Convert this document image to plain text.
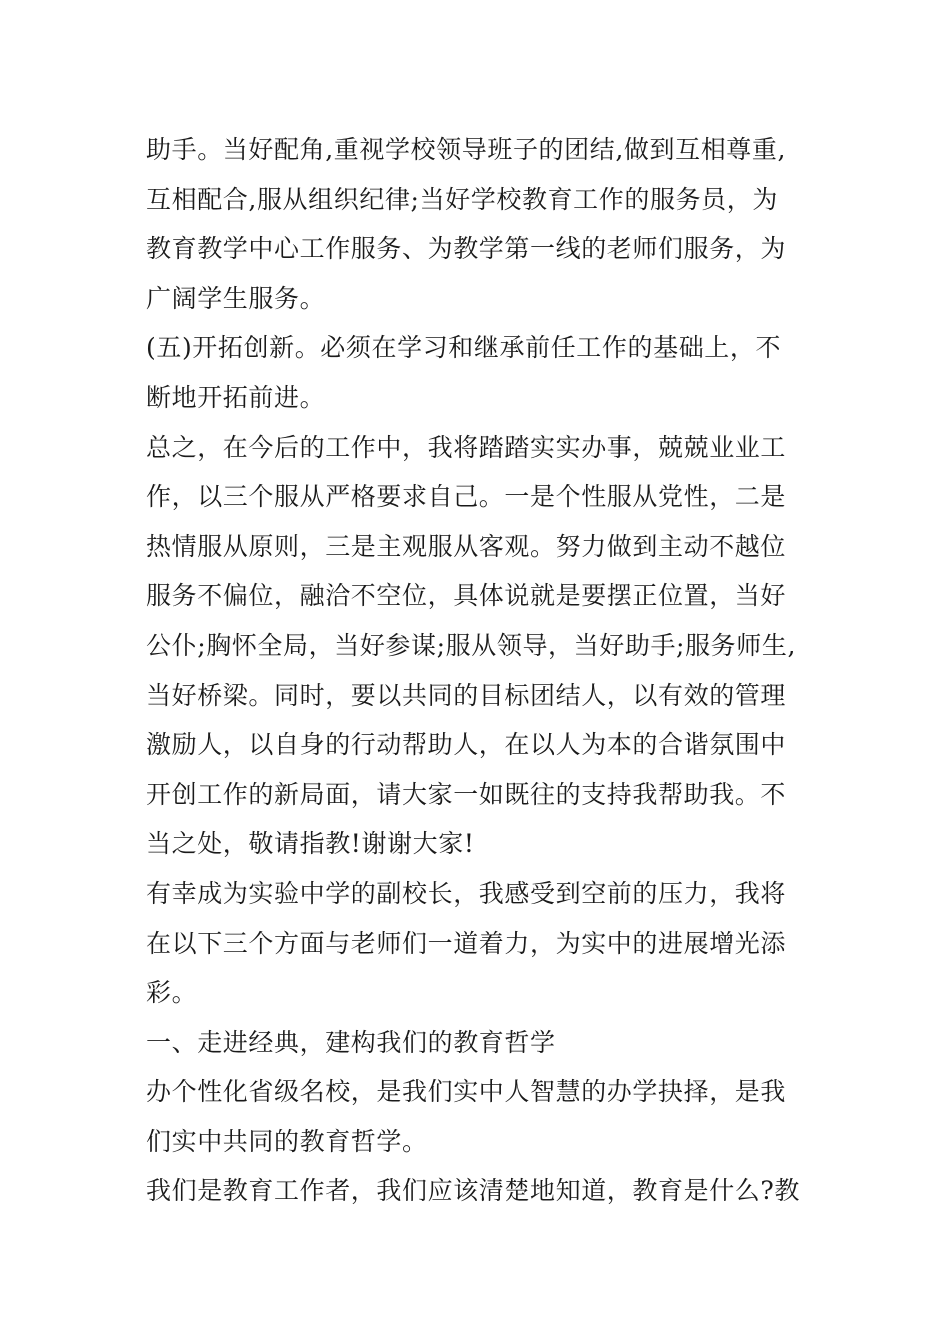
助手。当好配角,重视学校领导班子的团结,做到互相尊重,
互相配合,服从组织纪律;当好学校教育工作的服务员，为
教育教学中心工作服务、为教学第一线的老师们服务，为
广阔学生服务。
(五)开拓创新。必须在学习和继承前任工作的基础上，不
断地开拓前进。
总之，在今后的工作中，我将踏踏实实办事，兢兢业业工
作，以三个服从严格要求自己。一是个性服从党性，二是
热情服从原则，三是主观服从客观。努力做到主动不越位
服务不偏位，融洽不空位，具体说就是要摆正位置，当好
公仆;胸怀全局，当好参谋;服从领导，当好助手;服务师生,
当好桥梁。同时，要以共同的目标团结人，以有效的管理
激励人，以自身的行动帮助人，在以人为本的合谐氛围中
开创工作的新局面，请大家一如既往的支持我帮助我。不
当之处，敬请指教!谢谢大家!
有幸成为实验中学的副校长，我感受到空前的压力，我将
在以下三个方面与老师们一道着力，为实中的进展增光添
彩。
一、走进经典，建构我们的教育哲学
办个性化省级名校，是我们实中人智慧的办学抉择，是我
们实中共同的教育哲学。
我们是教育工作者，我们应该清楚地知道，教育是什么?教
